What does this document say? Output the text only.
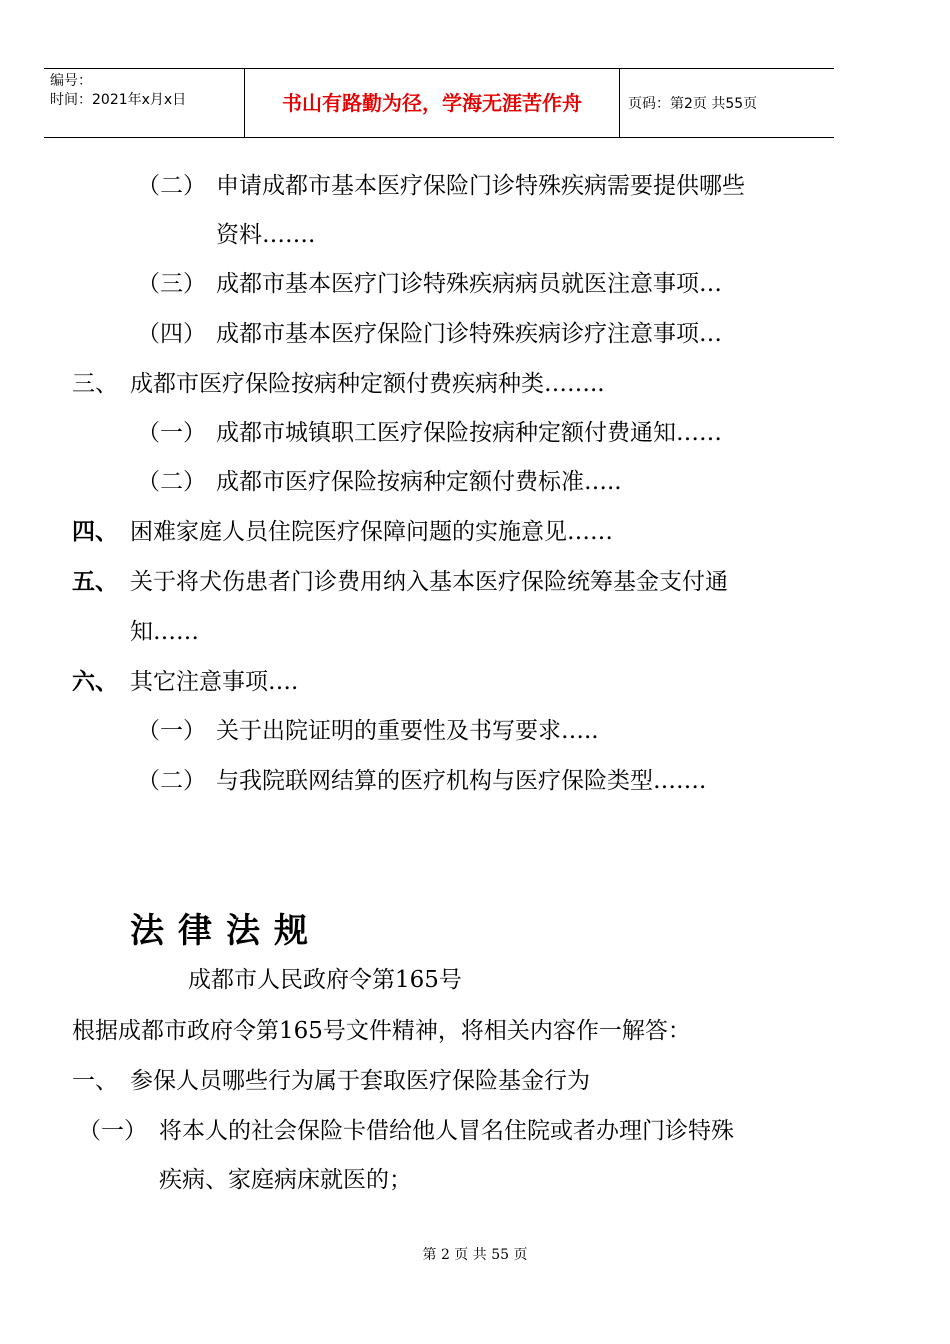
编号：
时间：2021年x月x日	书山有路勤为径，学海无涯苦作舟	页码：第2页 共55页
（二） 申请成都市基本医疗保险门诊特殊疾病需要提供哪些
资料…….
（三） 成都市基本医疗门诊特殊疾病病员就医注意事项…
（四） 成都市基本医疗保险门诊特殊疾病诊疗注意事项…
三、 成都市医疗保险按病种定额付费疾病种类……..
（一） 成都市城镇职工医疗保险按病种定额付费通知……
（二） 成都市医疗保险按病种定额付费标准…..
四、 困难家庭人员住院医疗保障问题的实施意见……
五、 关于将犬伤患者门诊费用纳入基本医疗保险统筹基金支付通
知……
六、 其它注意事项….
（一） 关于出院证明的重要性及书写要求…..
（二） 与我院联网结算的医疗机构与医疗保险类型…….
法律法规
成都市人民政府令第165号
根据成都市政府令第165号文件精神，将相关内容作一解答：
一、 参保人员哪些行为属于套取医疗保险基金行为
（一） 将本人的社会保险卡借给他人冒名住院或者办理门诊特殊
疾病、家庭病床就医的；
第 2 页 共 55 页
